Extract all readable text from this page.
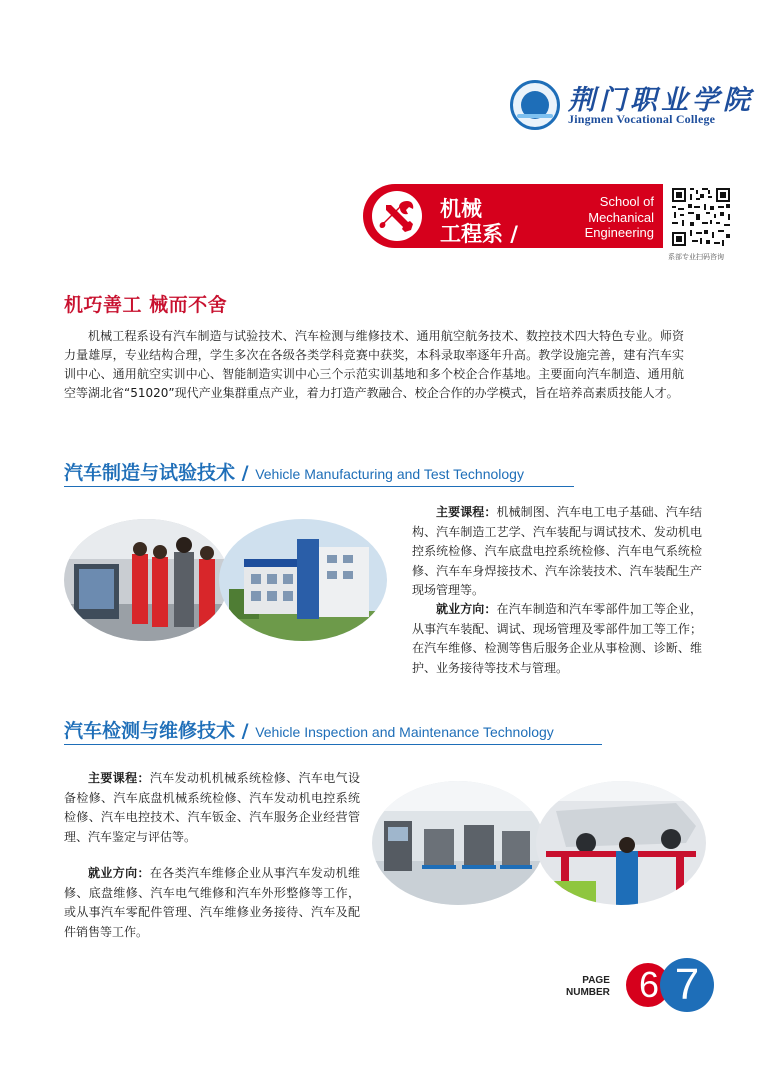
荆门职业学院
Jingmen Vocational College
机械
工程系 /
School of Mechanical Engineering
系部专业扫码咨询
机巧善工 械而不舍
机械工程系设有汽车制造与试验技术、汽车检测与维修技术、通用航空航务技术、数控技术四大特色专业。师资力量雄厚，专业结构合理，学生多次在各级各类学科竞赛中获奖，本科录取率逐年升高。教学设施完善，建有汽车实训中心、通用航空实训中心、智能制造实训中心三个示范实训基地和多个校企合作基地。主要面向汽车制造、通用航空等湖北省“51020”现代产业集群重点产业，着力打造产教融合、校企合作的办学模式，旨在培养高素质技能人才。
汽车制造与试验技术 / Vehicle Manufacturing and Test Technology
主要课程：机械制图、汽车电工电子基础、汽车结构、汽车制造工艺学、汽车装配与调试技术、发动机电控系统检修、汽车底盘电控系统检修、汽车电气系统检修、汽车车身焊接技术、汽车涂装技术、汽车装配生产现场管理等。
就业方向：在汽车制造和汽车零部件加工等企业，从事汽车装配、调试、现场管理及零部件加工等工作；在汽车维修、检测等售后服务企业从事检测、诊断、维护、业务接待等技术与管理。
汽车检测与维修技术 / Vehicle Inspection and Maintenance Technology
主要课程：汽车发动机机械系统检修、汽车电气设备检修、汽车底盘机械系统检修、汽车发动机电控系统检修、汽车电控技术、汽车钣金、汽车服务企业经营管理、汽车鉴定与评估等。
就业方向：在各类汽车维修企业从事汽车发动机维修、底盘维修、汽车电气维修和汽车外形整修等工作，或从事汽车零配件管理、汽车维修业务接待、汽车及配件销售等工作。
PAGE
NUMBER 6 7
